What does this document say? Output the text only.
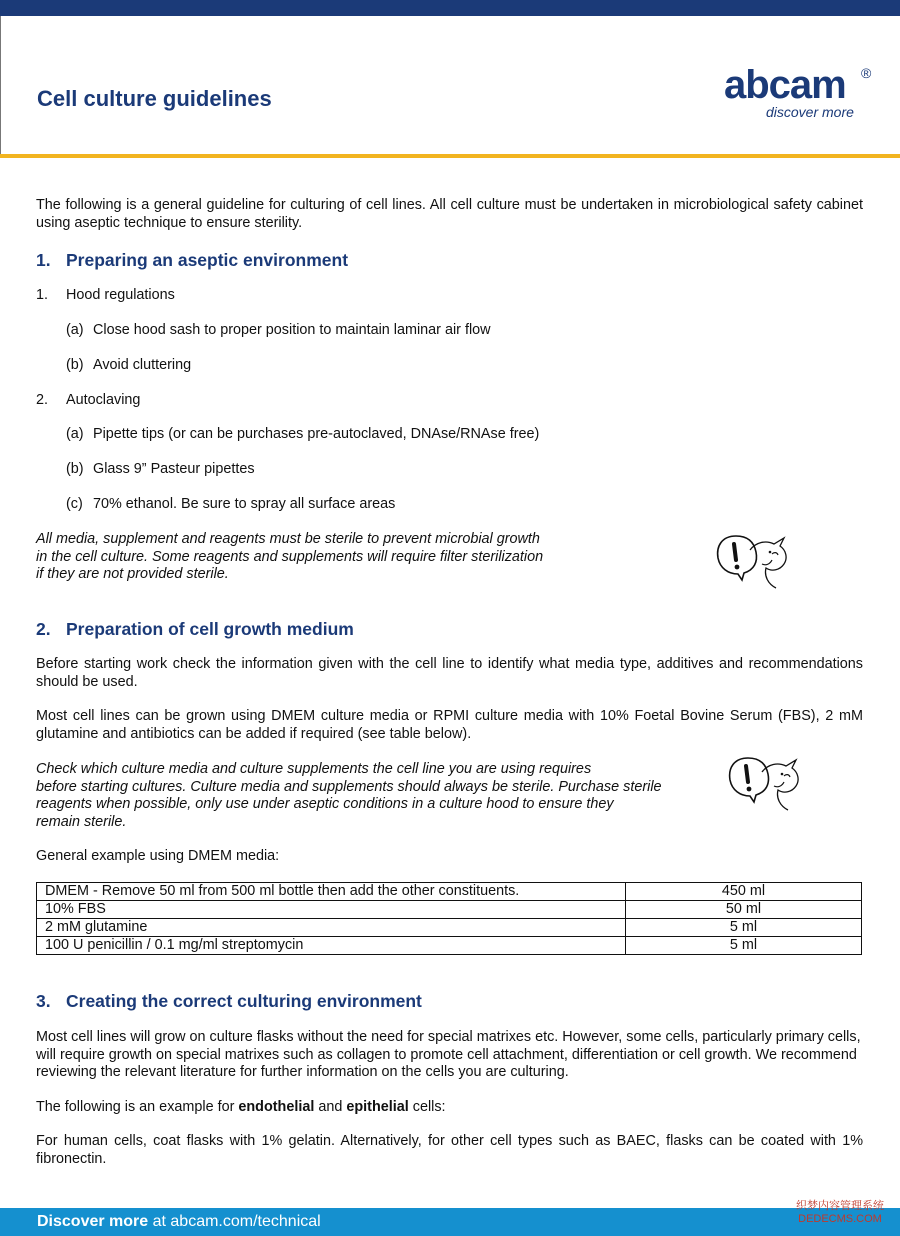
Cell culture guidelines	abcam ®
discover more

The following is a general guideline for culturing of cell lines. All cell culture must be undertaken in microbiological safety cabinet using aseptic technique to ensure sterility.

1. Preparing an aseptic environment

1. Hood regulations

(a) Close hood sash to proper position to maintain laminar air flow

(b) Avoid cluttering

2. Autoclaving

(a) Pipette tips (or can be purchases pre-autoclaved, DNAse/RNAse free)

(b) Glass 9” Pasteur pipettes

(c) 70% ethanol. Be sure to spray all surface areas

All media, supplement and reagents must be sterile to prevent microbial growth
in the cell culture. Some reagents and supplements will require filter sterilization
if they are not provided sterile.
2. Preparation of cell growth medium

Before starting work check the information given with the cell line to identify what media type, additives and recommendations should be used.

Most cell lines can be grown using DMEM culture media or RPMI culture media with 10% Foetal Bovine Serum (FBS), 2 mM glutamine and antibiotics can be added if required (see table below).

Check which culture media and culture supplements the cell line you are using requires
before starting cultures. Culture media and supplements should always be sterile. Purchase sterile
reagents when possible, only use under aseptic conditions in a culture hood to ensure they
remain sterile.

General example using DMEM media:

DMEM - Remove 50 ml from 500 ml bottle then add the other constituents.	450 ml
10% FBS	50 ml
2 mM glutamine	5 ml
100 U penicillin / 0.1 mg/ml streptomycin	5 ml
3. Creating the correct culturing environment

Most cell lines will grow on culture flasks without the need for special matrixes etc. However, some cells, particularly primary cells, will require growth on special matrixes such as collagen to promote cell attachment, differentiation or cell growth. We recommend reviewing the relevant literature for further information on the cells you are culturing.

The following is an example for endothelial and epithelial cells:

For human cells, coat flasks with 1% gelatin. Alternatively, for other cell types such as BAEC, flasks can be coated with 1% fibronectin.

Discover more at abcam.com/technical

织梦内容管理系统
DEDECMS.COM
